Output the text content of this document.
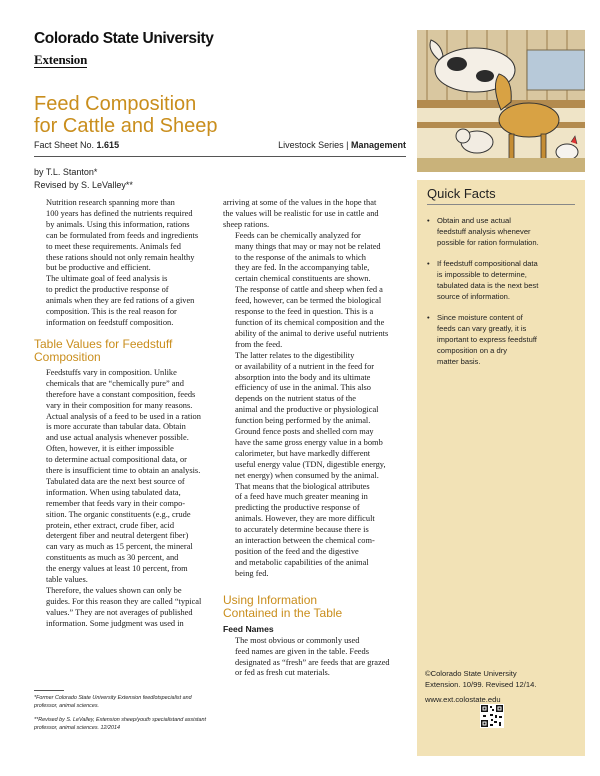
Colorado State University
Extension
Feed Composition
for Cattle and Sheep
Fact Sheet No. 1.615	Livestock Series | Management
by T.L. Stanton*
Revised by S. LeValley**

Nutrition research spanning more than
100 years has defined the nutrients required
by animals. Using this information, rations
can be formulated from feeds and ingredients
to meet these requirements. Animals fed
these rations should not only remain healthy
but be productive and efficient.

The ultimate goal of feed analysis is
to predict the productive response of
animals when they are fed rations of a given
composition. This is the real reason for
information on feedstuff composition.

Table Values for Feedstuff
Composition

Feedstuffs vary in composition. Unlike
chemicals that are “chemically pure” and
therefore have a constant composition, feeds
vary in their composition for many reasons.
Actual analysis of a feed to be used in a ration
is more accurate than tabular data. Obtain
and use actual analysis whenever possible.

Often, however, it is either impossible
to determine actual compositional data, or
there is insufficient time to obtain an analysis.
Tabulated data are the next best source of
information. When using tabulated data,
remember that feeds vary in their compo-
sition. The organic constituents (e.g., crude
protein, ether extract, crude fiber, acid
detergent fiber and neutral detergent fiber)
can vary as much as 15 percent, the mineral
constituents as much as 30 percent, and
the energy values at least 10 percent, from
table values.

Therefore, the values shown can only be
guides. For this reason they are called “typical
values.” They are not averages of published
information. Some judgment was used in

arriving at some of the values in the hope that
the values will be realistic for use in cattle and
sheep rations.

Feeds can be chemically analyzed for
many things that may or may not be related
to the response of the animals to which
they are fed. In the accompanying table,
certain chemical constituents are shown.
The response of cattle and sheep when fed a
feed, however, can be termed the biological
response to the feed in question. This is a
function of its chemical composition and the
ability of the animal to derive useful nutrients
from the feed.

The latter relates to the digestibility
or availability of a nutrient in the feed for
absorption into the body and its ultimate
efficiency of use in the animal. This also
depends on the nutrient status of the
animal and the productive or physiological
function being performed by the animal.
Ground fence posts and shelled corn may
have the same gross energy value in a bomb
calorimeter, but have markedly different
useful energy value (TDN, digestible energy,
net energy) when consumed by the animal.

That means that the biological attributes
of a feed have much greater meaning in
predicting the productive response of
animals. However, they are more difficult
to accurately determine because there is
an interaction between the chemical com-
position of the feed and the digestive
and metabolic capabilities of the animal
being fed.

Using Information
Contained in the Table
Feed Names

The most obvious or commonly used
feed names are given in the table. Feeds
designated as “fresh” are feeds that are grazed
or fed as fresh cut materials.

*Former Colorado State University Extension feedlotspecialist and professor, animal sciences.

**Revised by S. LeValley, Extension sheep/youth specialistand assistant professor, animal sciences. 12/2014

Quick Facts
• Obtain and use actual
feedstuff analysis whenever
possible for ration formulation.
• If feedstuff compositional data
is impossible to determine,
tabulated data is the next best
source of information.
• Since moisture content of
feeds can vary greatly, it is
important to express feedstuff
composition on a dry
matter basis.
©Colorado State University
Extension. 10/99. Revised 12/14.
www.ext.colostate.edu
